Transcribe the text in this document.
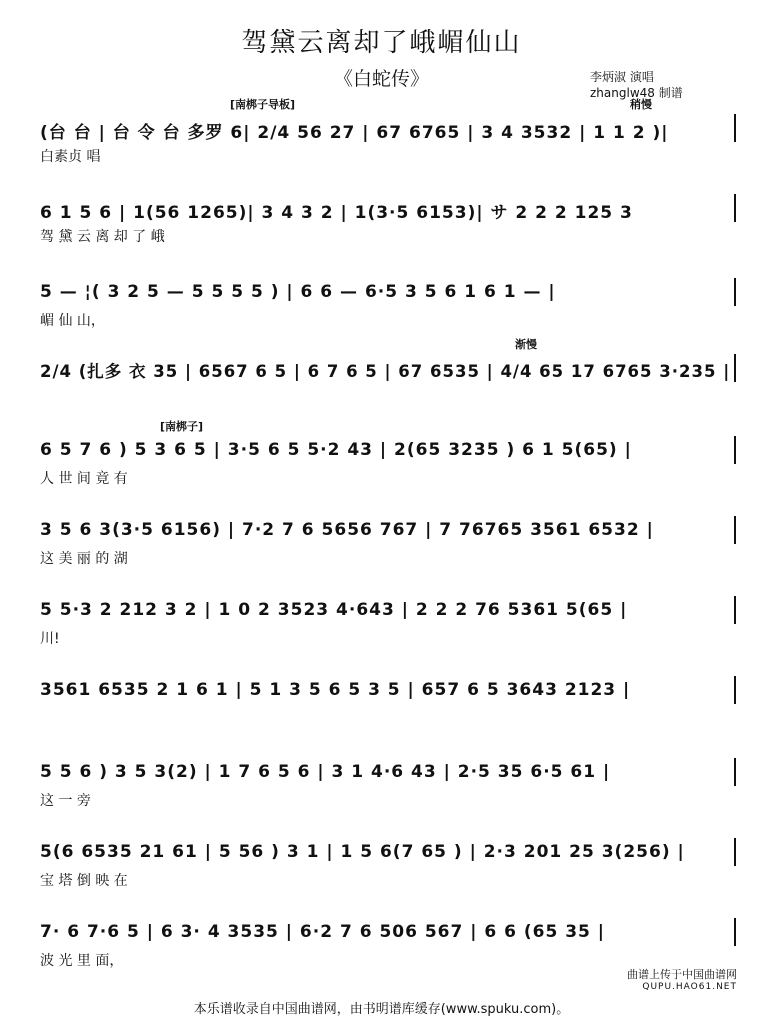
驾黛云离却了峨嵋仙山
《白蛇传》	李炳淑 演唱
zhanglw48 制谱
[南梆子导板]	稍慢
(台 台 | 台 令 台 多罗 6| 2/4 56 27 | 67 6765 | 3 4 3532 | 1 1 2 )|
白素贞 唱
6 1 5 6 | 1(56 1265)| 3 4 3 2 | 1(3·5 6153)| サ 2 2 2 125 3
驾 黛 云 离 却 了 峨
5 — ¦( 3 2 5 — 5 5 5 5 ) | 6 6 — 6·5 3 5 6 1 6 1 — |
嵋 仙 山，
渐慢
2/4 (扎多 衣 35 | 6567 6 5 | 6 7 6 5 | 67 6535 | 4/4 65 17 6765 3·235 |
[南梆子]
6 5 7 6 ) 5 3 6 5 | 3·5 6 5 5·2 43 | 2(65 3235 ) 6 1 5(65) |
人 世 间 竟 有
3 5 6 3(3·5 6156) | 7·2 7 6 5656 767 | 7 76765 3561 6532 |
这 美 丽 的 湖
5 5·3 2 212 3 2 | 1 0 2 3523 4·643 | 2 2 2 76 5361 5(65 |
川!
3561 6535 2 1 6 1 | 5 1 3 5 6 5 3 5 | 657 6 5 3643 2123 |
5 5 6 ) 3 5 3(2) | 1 7 6 5 6 | 3 1 4·6 43 | 2·5 35 6·5 61 |
这 一 旁
5(6 6535 21 61 | 5 56 ) 3 1 | 1 5 6(7 65 ) | 2·3 201 25 3(256) |
宝 塔 倒 映 在
7· 6 7·6 5 | 6 3· 4 3535 | 6·2 7 6 506 567 | 6 6 (65 35 |
波 光 里 面，
曲谱上传于中国曲谱网
QUPU.HAO61.NET
本乐谱收录自中国曲谱网，由书明谱库缓存(www.spuku.com)。
